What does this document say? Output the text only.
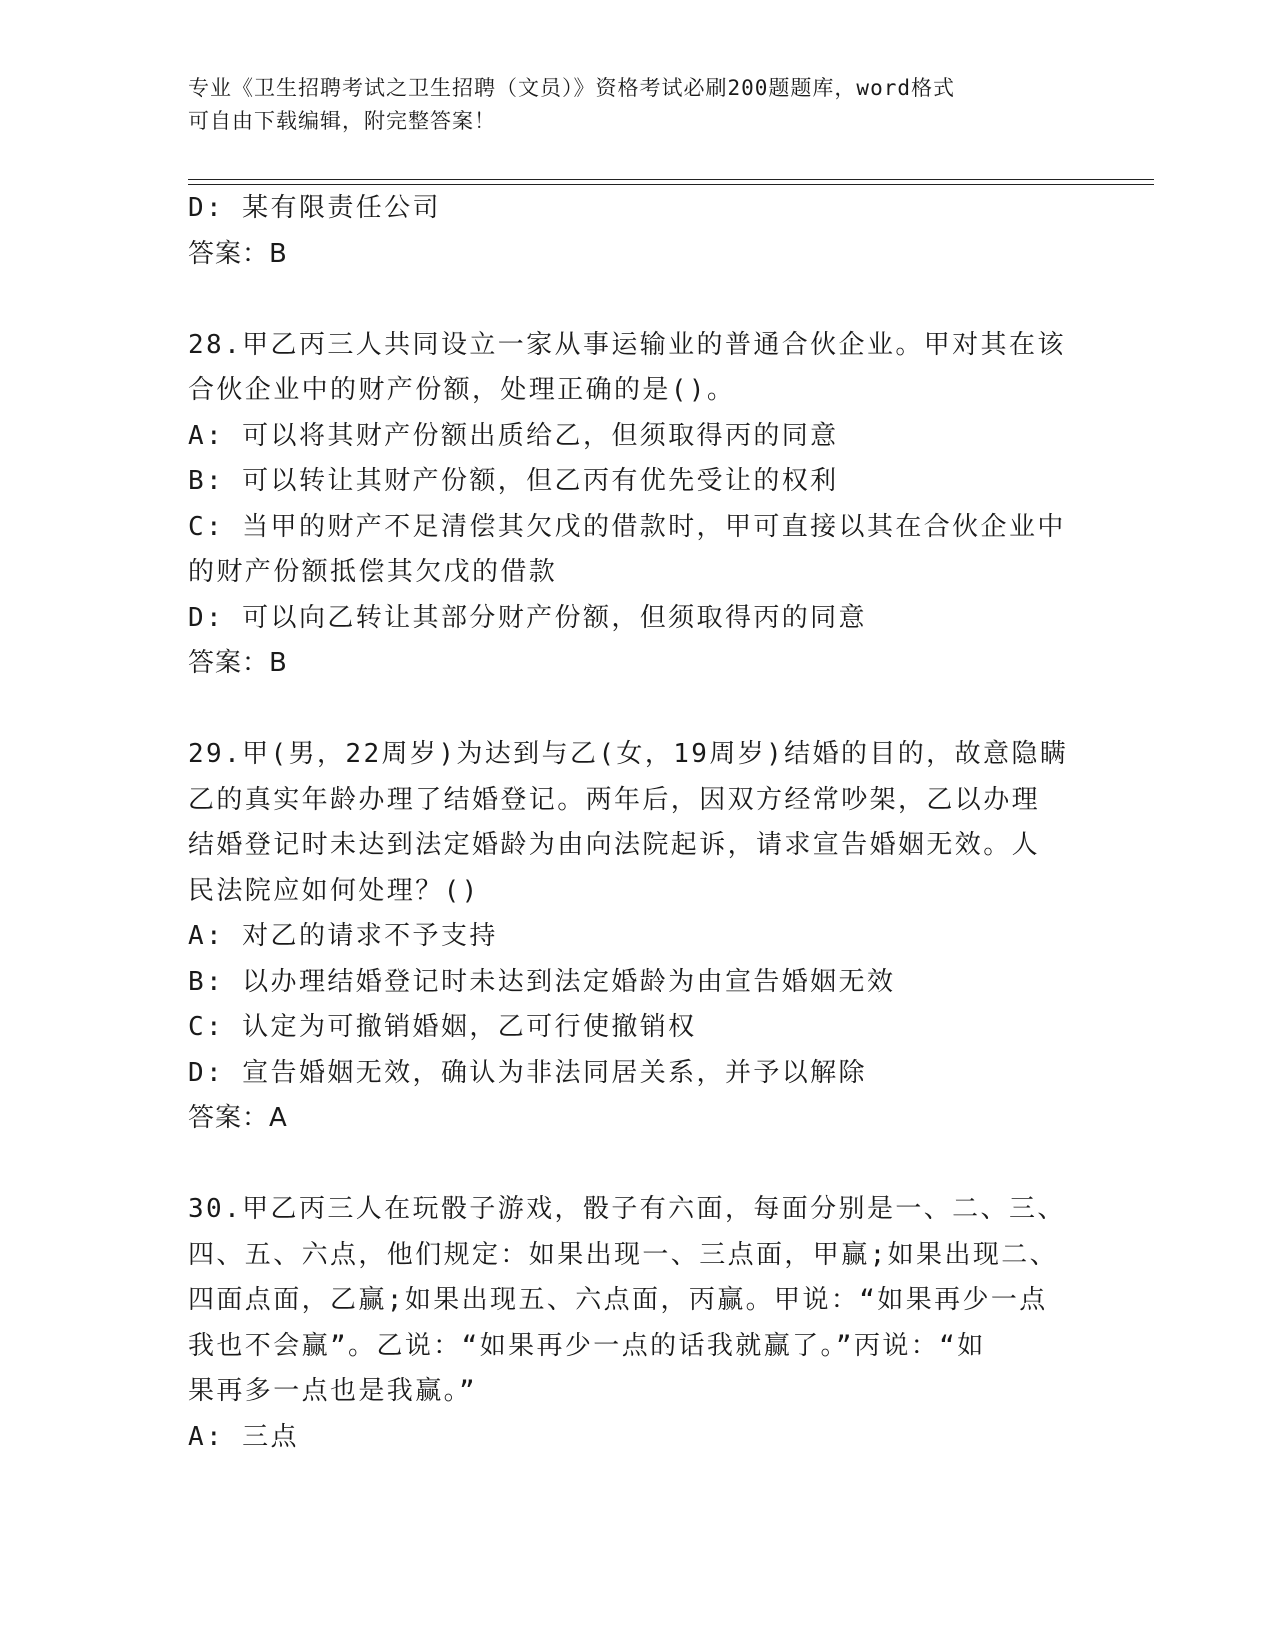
专业《卫生招聘考试之卫生招聘（文员）》资格考试必刷200题题库，word格式
可自由下载编辑，附完整答案！
D: 某有限责任公司
答案：B
28.甲乙丙三人共同设立一家从事运输业的普通合伙企业。甲对其在该
合伙企业中的财产份额，处理正确的是()。
A: 可以将其财产份额出质给乙，但须取得丙的同意
B: 可以转让其财产份额，但乙丙有优先受让的权利
C: 当甲的财产不足清偿其欠戊的借款时，甲可直接以其在合伙企业中
的财产份额抵偿其欠戊的借款
D: 可以向乙转让其部分财产份额，但须取得丙的同意
答案：B
29.甲(男，22周岁)为达到与乙(女，19周岁)结婚的目的，故意隐瞒
乙的真实年龄办理了结婚登记。两年后，因双方经常吵架，乙以办理
结婚登记时未达到法定婚龄为由向法院起诉，请求宣告婚姻无效。人
民法院应如何处理？()
A: 对乙的请求不予支持
B: 以办理结婚登记时未达到法定婚龄为由宣告婚姻无效
C: 认定为可撤销婚姻，乙可行使撤销权
D: 宣告婚姻无效，确认为非法同居关系，并予以解除
答案：A
30.甲乙丙三人在玩骰子游戏，骰子有六面，每面分别是一、二、三、
四、五、六点，他们规定：如果出现一、三点面，甲赢;如果出现二、
四面点面，乙赢;如果出现五、六点面，丙赢。甲说：“如果再少一点
我也不会赢”。乙说：“如果再少一点的话我就赢了。”丙说：“如
果再多一点也是我赢。”
A: 三点
